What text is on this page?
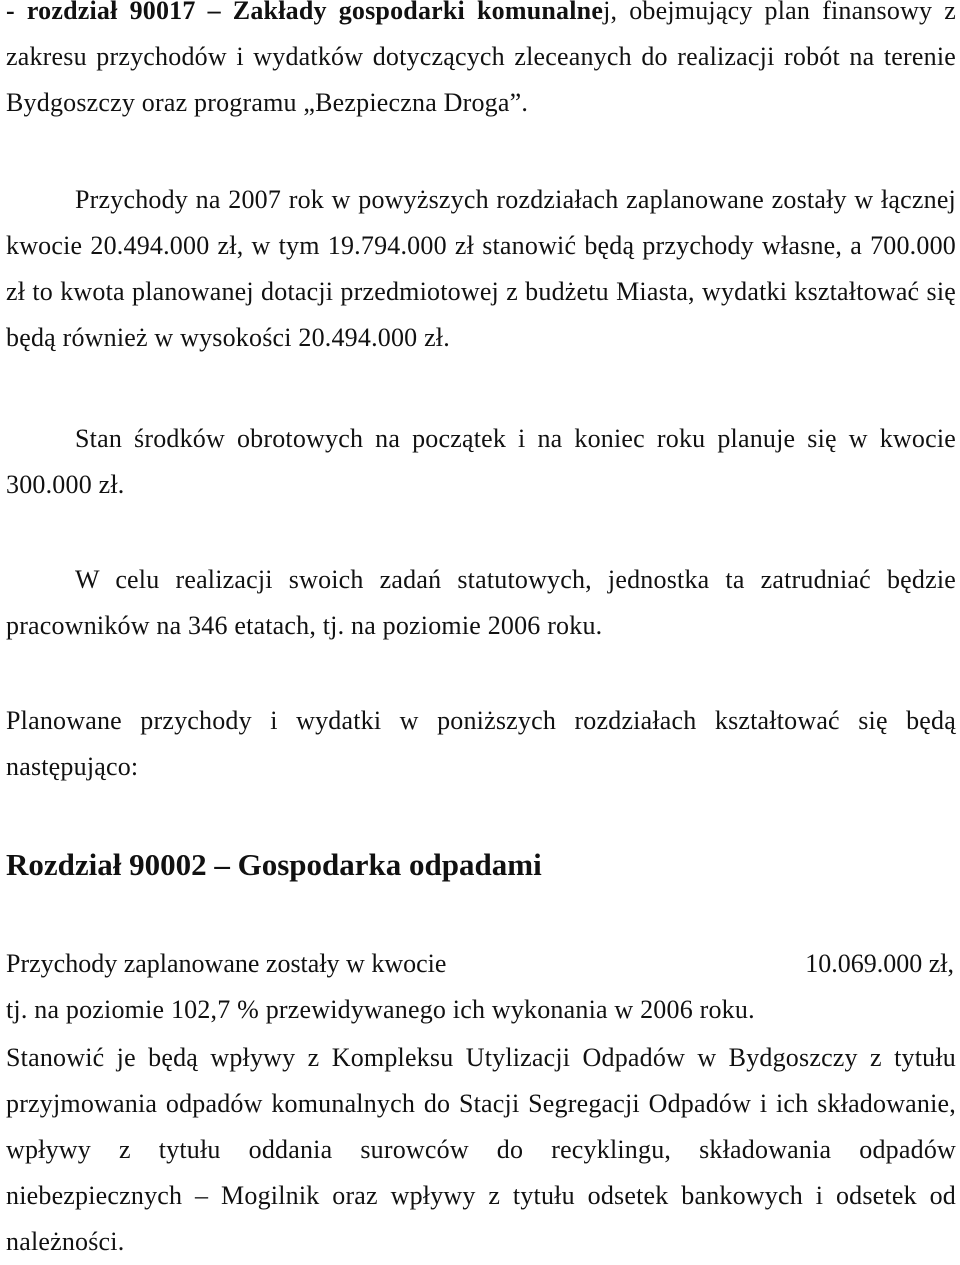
- rozdział 90017 – Zakłady gospodarki komunalnej, obejmujący plan finansowy z zakresu przychodów i wydatków dotyczących zleceanych do realizacji robót na terenie Bydgoszczy oraz programu „Bezpieczna Droga”.

Przychody na 2007 rok w powyższych rozdziałach zaplanowane zostały w łącznej kwocie 20.494.000 zł, w tym 19.794.000 zł stanowić będą przychody własne, a 700.000 zł to kwota planowanej dotacji przedmiotowej z budżetu Miasta, wydatki kształtować się będą również w wysokości 20.494.000 zł.

Stan środków obrotowych na początek i na koniec roku planuje się w kwocie 300.000 zł.

W celu realizacji swoich zadań statutowych, jednostka ta zatrudniać będzie pracowników na 346 etatach, tj. na poziomie 2006 roku.

Planowane przychody i wydatki w poniższych rozdziałach kształtować się będą następująco:

Rozdział 90002 – Gospodarka odpadami
Przychody zaplanowane zostały w kwocie	10.069.000 zł,

tj. na poziomie 102,7 % przewidywanego ich wykonania w 2006 roku.

Stanowić je będą wpływy z Kompleksu Utylizacji Odpadów w Bydgoszczy z tytułu przyjmowania odpadów komunalnych do Stacji Segregacji Odpadów i ich składowanie, wpływy z tytułu oddania surowców do recyklingu, składowania odpadów niebezpiecznych – Mogilnik oraz wpływy z tytułu odsetek bankowych i odsetek od należności.
